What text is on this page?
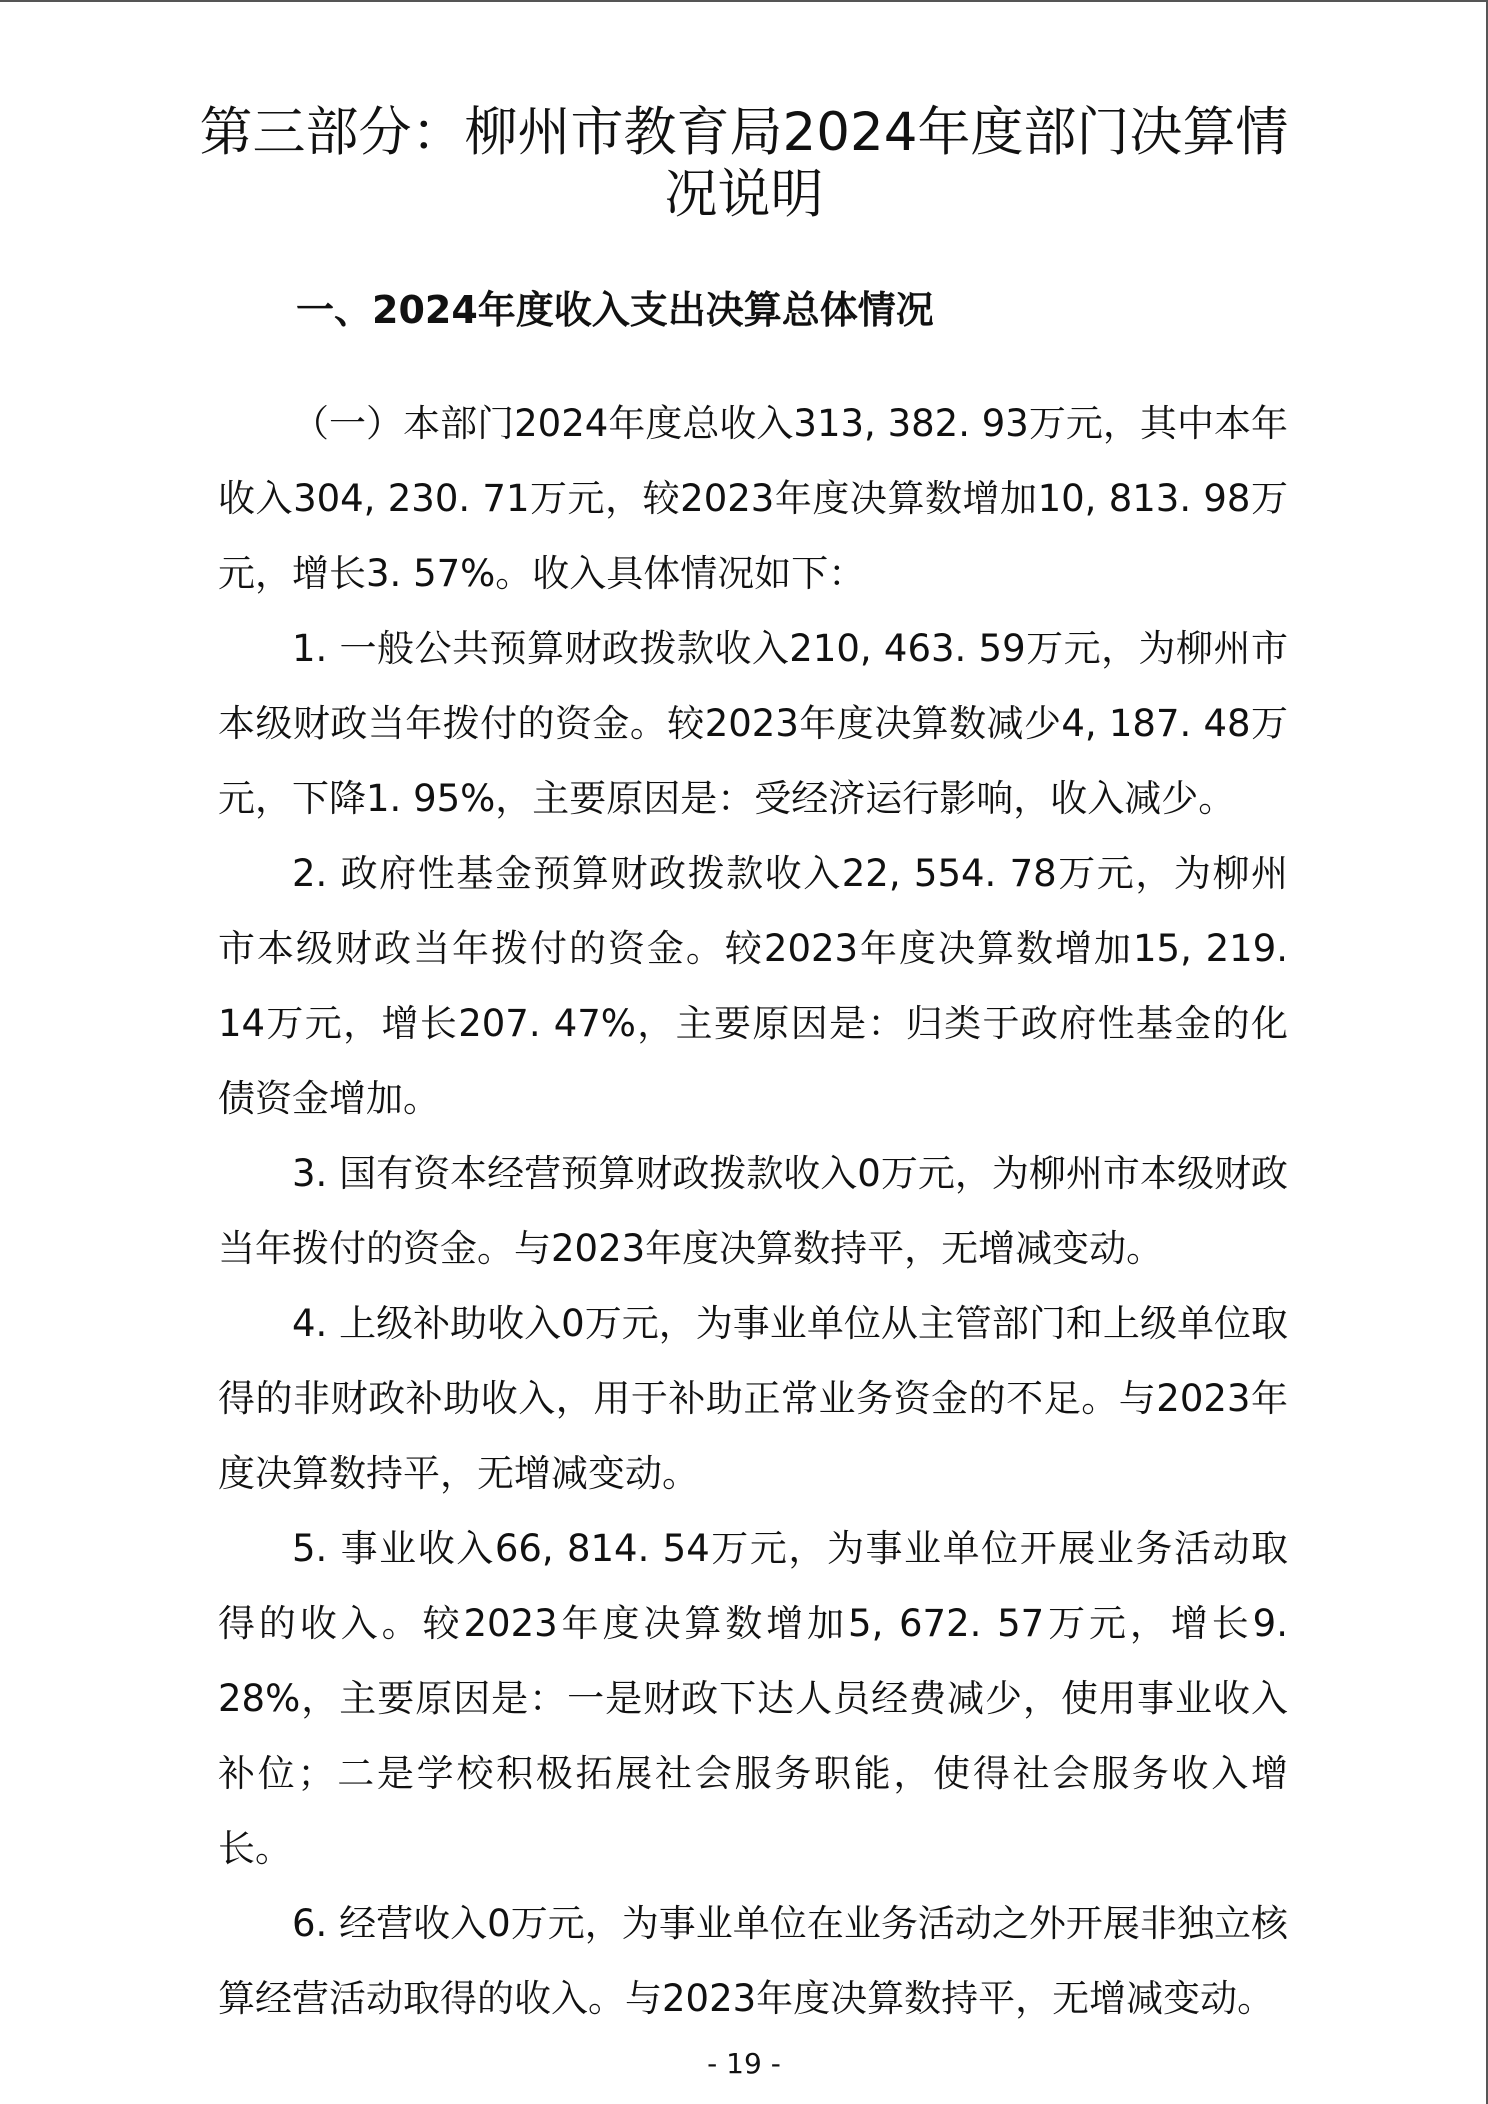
第三部分：柳州市教育局2024年度部门决算情况说明
一、2024年度收入支出决算总体情况

（一）本部门2024年度总收入313, 382. 93万元，其中本年收入304, 230. 71万元，较2023年度决算数增加10, 813. 98万元，增长3. 57%。收入具体情况如下：

1. 一般公共预算财政拨款收入210, 463. 59万元，为柳州市本级财政当年拨付的资金。较2023年度决算数减少4, 187. 48万元，下降1. 95%，主要原因是：受经济运行影响，收入减少。

2. 政府性基金预算财政拨款收入22, 554. 78万元，为柳州市本级财政当年拨付的资金。较2023年度决算数增加15, 219. 14万元，增长207. 47%，主要原因是：归类于政府性基金的化债资金增加。

3. 国有资本经营预算财政拨款收入0万元，为柳州市本级财政当年拨付的资金。与2023年度决算数持平，无增减变动。

4. 上级补助收入0万元，为事业单位从主管部门和上级单位取得的非财政补助收入，用于补助正常业务资金的不足。与2023年度决算数持平，无增减变动。

5. 事业收入66, 814. 54万元，为事业单位开展业务活动取得的收入。较2023年度决算数增加5, 672. 57万元，增长9. 28%，主要原因是：一是财政下达人员经费减少，使用事业收入补位；二是学校积极拓展社会服务职能，使得社会服务收入增长。

6. 经营收入0万元，为事业单位在业务活动之外开展非独立核算经营活动取得的收入。与2023年度决算数持平，无增减变动。

- 19 -
